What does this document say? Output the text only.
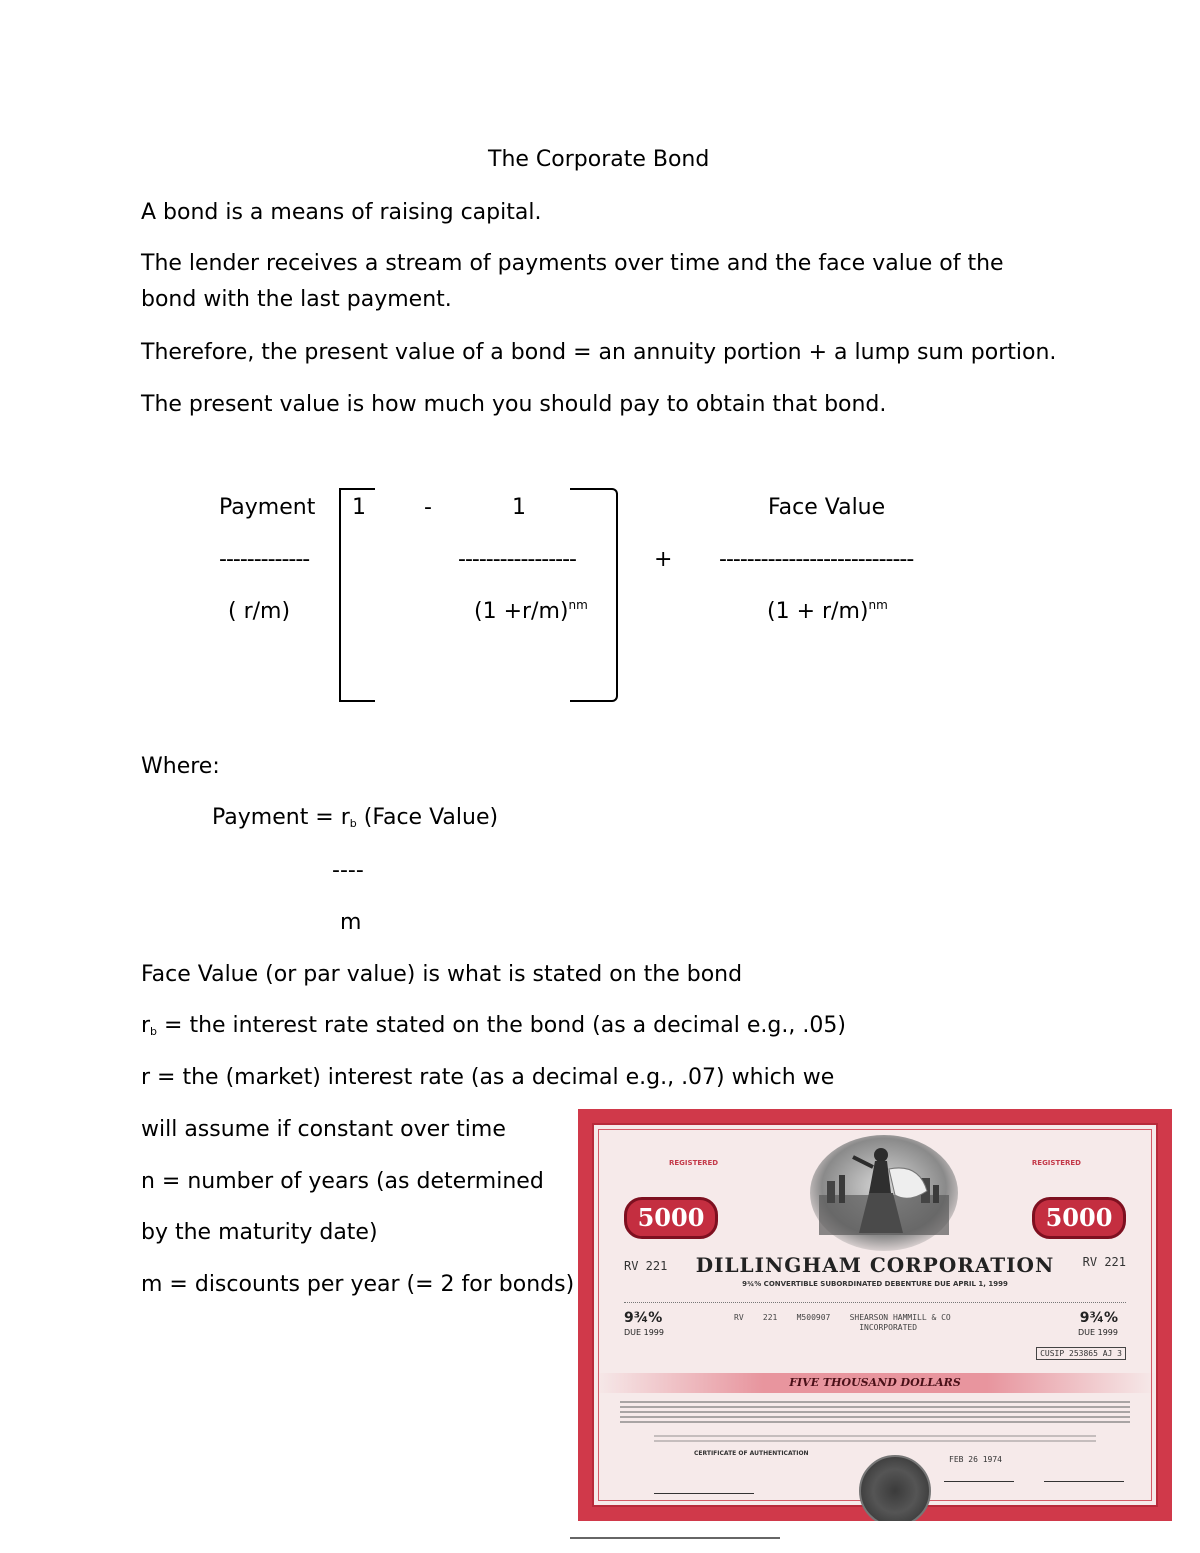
The Corporate Bond
A bond is a means of raising capital.
The lender receives a stream of payments over time and the face value of the
bond with the last payment.
Therefore, the present value of a bond = an annuity portion + a lump sum portion.
The present value is how much you should pay to obtain that bond.
Payment
-------------
( r/m)
1	-	1
-----------------
$(1 +r/m)^{nm}$
+
Face Value
----------------------------
$(1 + r/m)^{nm}$
Where:
Payment = $r_b$ (Face Value)
----
m
Face Value (or par value) is what is stated on the bond
$r_b$ = the interest rate stated on the bond (as a decimal e.g., .05)
r = the (market) interest rate (as a decimal e.g., .07) which we
will assume if constant over time
n = number of years (as determined
by the maturity date)
m = discounts per year (= 2 for bonds)
REGISTERED	REGISTERED
5000	5000
RV 221	DILLINGHAM CORPORATION	RV 221
9¾% CONVERTIBLE SUBORDINATED DEBENTURE DUE APRIL 1, 1999
9¾%
DUE 1999
RV    221    M500907    SHEARSON HAMMILL & CO
INCORPORATED
9¾%
DUE 1999
CUSIP 253865 AJ 3
FIVE THOUSAND DOLLARS
CERTIFICATE OF AUTHENTICATION
FEB 26 1974
